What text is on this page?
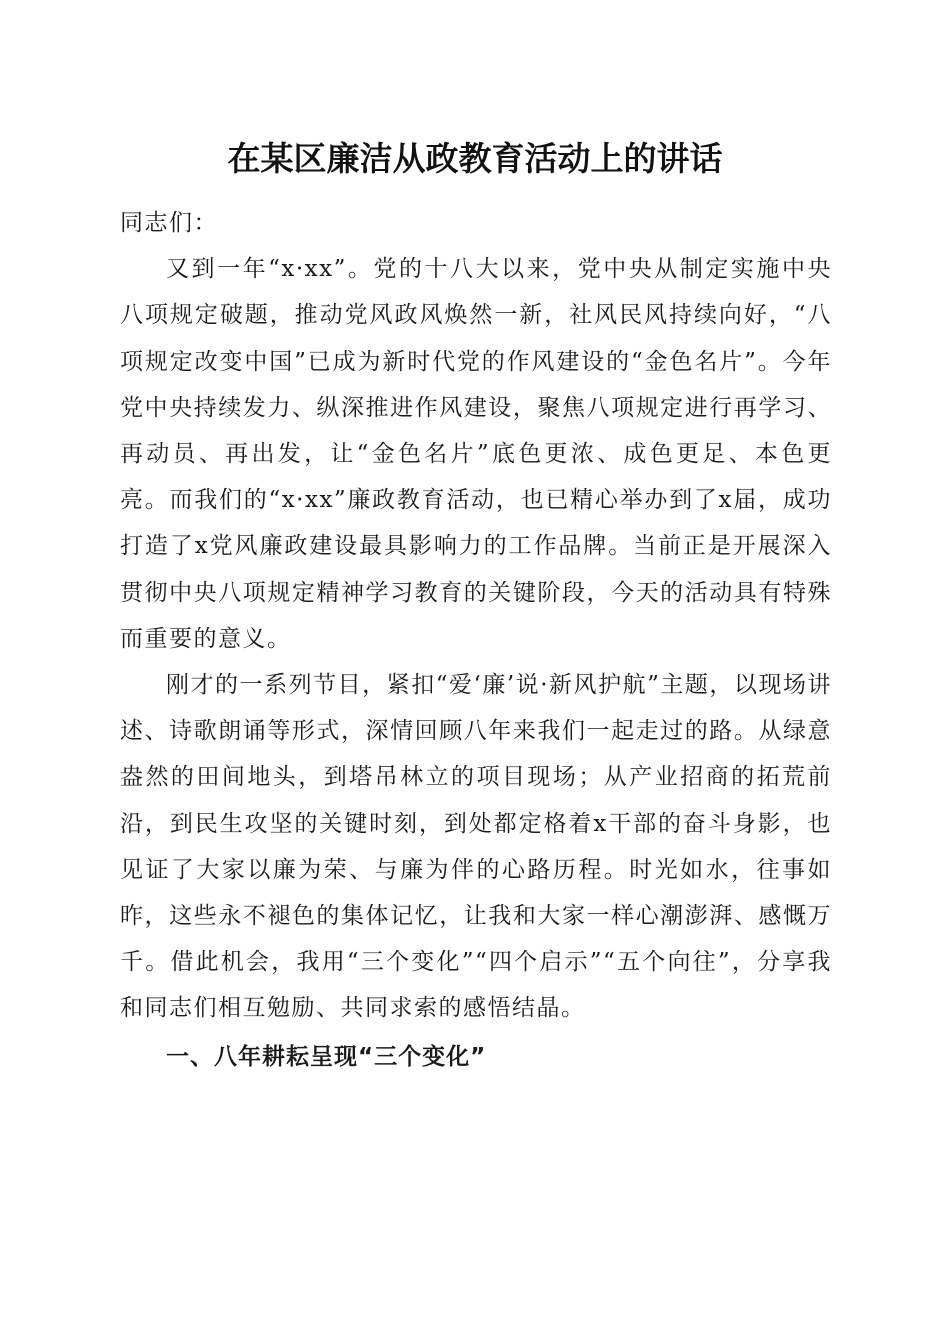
在某区廉洁从政教育活动上的讲话

同志们：

又到一年“x·xx”。党的十八大以来，党中央从制定实施中央八项规定破题，推动党风政风焕然一新，社风民风持续向好，“八项规定改变中国”已成为新时代党的作风建设的“金色名片”。今年党中央持续发力、纵深推进作风建设，聚焦八项规定进行再学习、再动员、再出发，让“金色名片”底色更浓、成色更足、本色更亮。而我们的“x·xx”廉政教育活动，也已精心举办到了x届，成功打造了x党风廉政建设最具影响力的工作品牌。当前正是开展深入贯彻中央八项规定精神学习教育的关键阶段，今天的活动具有特殊而重要的意义。

刚才的一系列节目，紧扣“爱‘廉’说·新风护航”主题，以现场讲述、诗歌朗诵等形式，深情回顾八年来我们一起走过的路。从绿意盎然的田间地头，到塔吊林立的项目现场；从产业招商的拓荒前沿，到民生攻坚的关键时刻，到处都定格着x干部的奋斗身影，也见证了大家以廉为荣、与廉为伴的心路历程。时光如水，往事如昨，这些永不褪色的集体记忆，让我和大家一样心潮澎湃、感慨万千。借此机会，我用“三个变化”“四个启示”“五个向往”，分享我和同志们相互勉励、共同求索的感悟结晶。

一、八年耕耘呈现“三个变化”
